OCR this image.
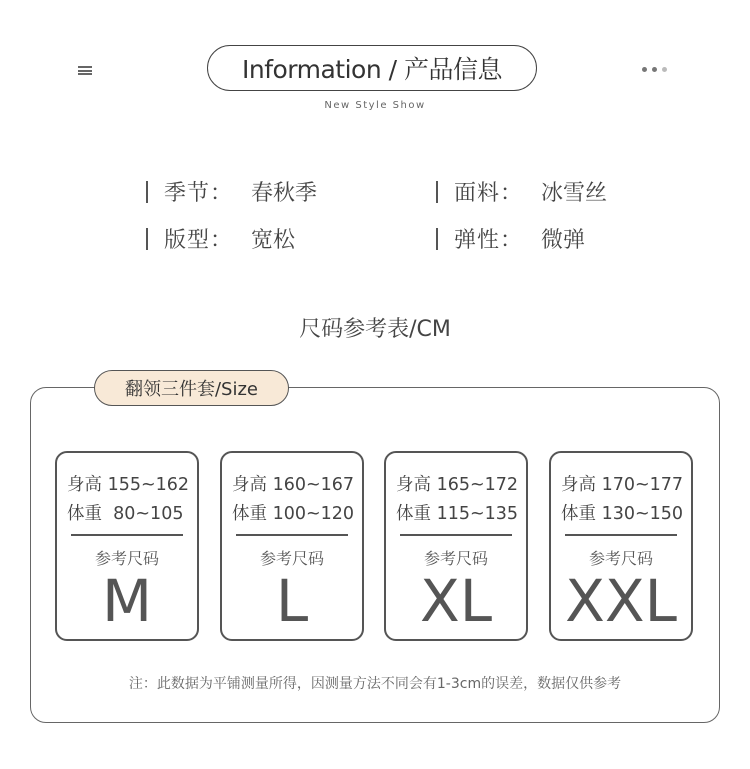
Information / 产品信息
New Style Show
季节： 春秋季	面料： 冰雪丝
版型： 宽松	弹性： 微弹
尺码参考表/CM
翻领三件套/Size
身高 155~162
体重  80~105
参考尺码
M
身高 160~167
体重 100~120
参考尺码
L
身高 165~172
体重 115~135
参考尺码
XL
身高 170~177
体重 130~150
参考尺码
XXL
注：此数据为平铺测量所得，因测量方法不同会有1-3cm的误差，数据仅供参考
